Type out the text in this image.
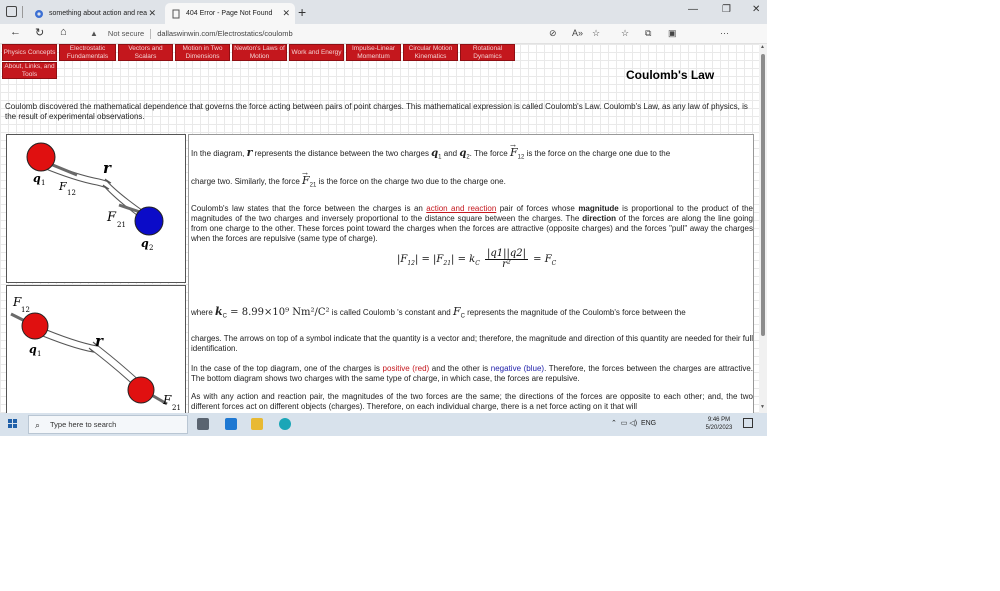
something about action and rea ✕	404 Error - Page Not Found ✕ +	— ❐ ✕
← ↻ ⌂	▲ Not secure dallaswinwin.com/Electrostatics/coulomb	⊘ A» ☆ ☆ ⧉ ▣	···
Physics Concepts
Electrostatic Fundamentals
Vectors and Scalars
Motion in Two Dimensions
Newton's Laws of Motion
Work and Energy
Impulse-Linear Momentum
Circular Motion Kinematics
Rotational Dynamics
About, Links, and Tools	Coulomb's Law
Coulomb discovered the mathematical dependence that governs the force acting between pairs of point charges. This mathematical expression is called Coulomb's Law. Coulomb's Law, as any law of physics, is the result of experimental observations.
r
q 1 F 12
F 21
q 2
F
12
r
q 1
F
21
In the diagram, r represents the distance between the two charges $q_1$ and $q_2$. The force → $F_{12}$ is the force on the charge one due to the
charge two. Similarly, the force → $F_{21}$ is the force on the charge two due to the charge one.
Coulomb's law states that the force between the charges is an action and reaction pair of forces whose magnitude is proportional to the product of the magnitudes of the two charges and inversely proportional to the distance square between the charges. The direction of the forces are along the line going from one charge to the other. These forces point toward the charges when the forces are attractive (opposite charges) and the forces "pull" away the charges when the forces are repulsive (same type of charge).
$|F_{12}| = |F_{21}| = k_C \frac{|q1||q2|}{\text{r²}} = F_C$
where $k_C = 8.99\times 10^9$ Nm²/C² is called Coulomb 's constant and $F_C$ represents the magnitude of the Coulomb's force between the
charges. The arrows on top of a symbol indicate that the quantity is a vector and; therefore, the magnitude and direction of this quantity are needed for their full identification.
In the case of the top diagram, one of the charges is positive (red) and the other is negative (blue). Therefore, the forces between the charges are attractive. The bottom diagram shows two charges with the same type of charge, in which case, the forces are repulsive.
As with any action and reaction pair, the magnitudes of the two forces are the same; the directions of the forces are opposite to each other; and, the two different forces act on different objects (charges). Therefore, on each individual charge, there is a net force acting on it that will
▲
▼
⌕ Type here to search	⌃ ▭ ◁) ENG	9:46 PM
5/20/2023
